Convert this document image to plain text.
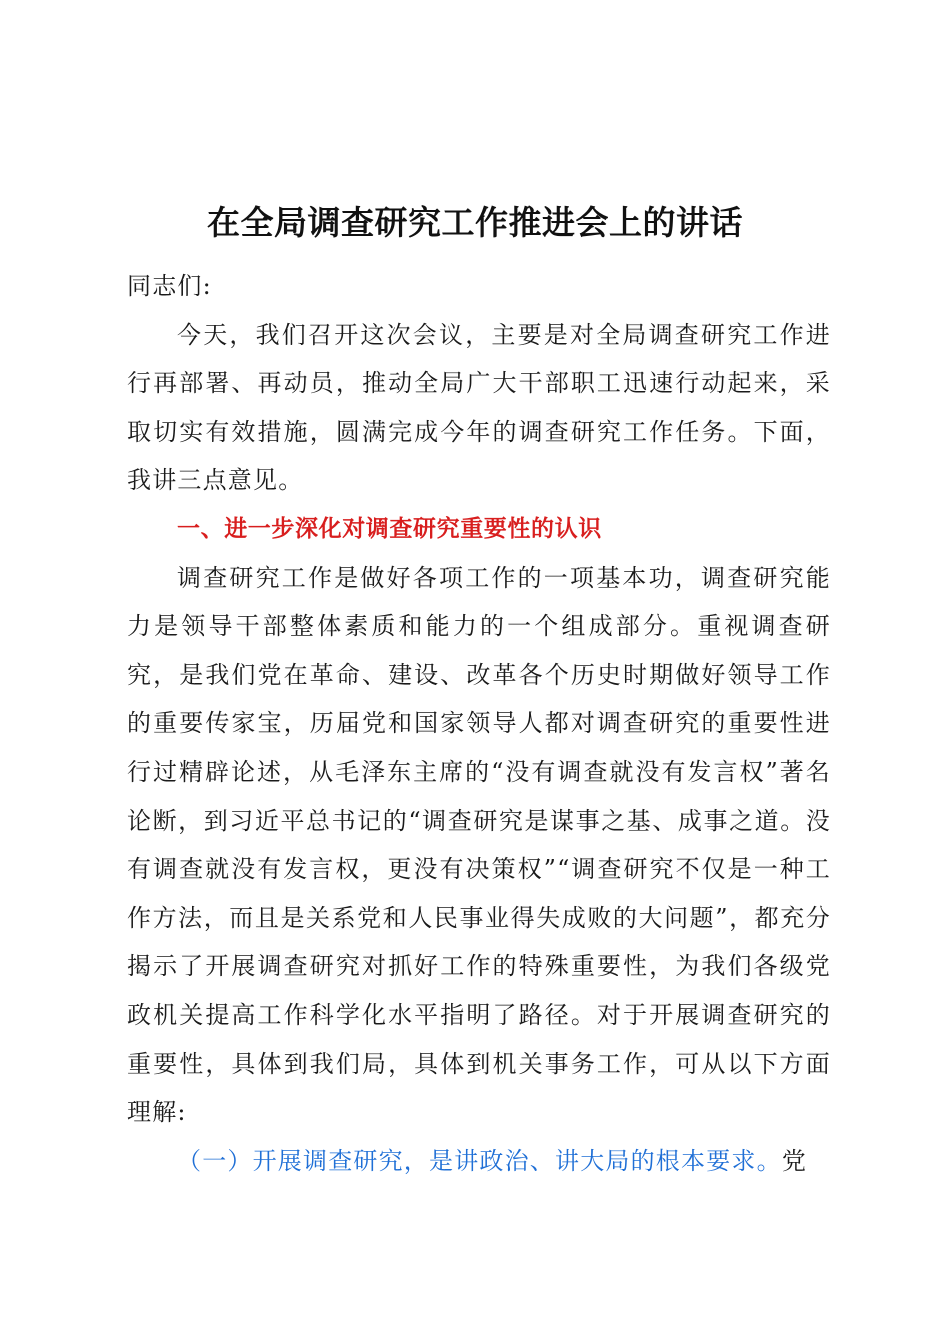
在全局调查研究工作推进会上的讲话

同志们:

今天，我们召开这次会议，主要是对全局调查研究工作进行再部署、再动员，推动全局广大干部职工迅速行动起来，采取切实有效措施，圆满完成今年的调查研究工作任务。下面，我讲三点意见。

一、进一步深化对调查研究重要性的认识

调查研究工作是做好各项工作的一项基本功，调查研究能力是领导干部整体素质和能力的一个组成部分。重视调查研究，是我们党在革命、建设、改革各个历史时期做好领导工作的重要传家宝，历届党和国家领导人都对调查研究的重要性进行过精辟论述，从毛泽东主席的“没有调查就没有发言权”著名论断，到习近平总书记的“调查研究是谋事之基、成事之道。没有调查就没有发言权，更没有决策权”“调查研究不仅是一种工作方法，而且是关系党和人民事业得失成败的大问题”，都充分揭示了开展调查研究对抓好工作的特殊重要性，为我们各级党政机关提高工作科学化水平指明了路径。对于开展调查研究的重要性，具体到我们局，具体到机关事务工作，可从以下方面理解:

（一）开展调查研究，是讲政治、讲大局的根本要求。党
